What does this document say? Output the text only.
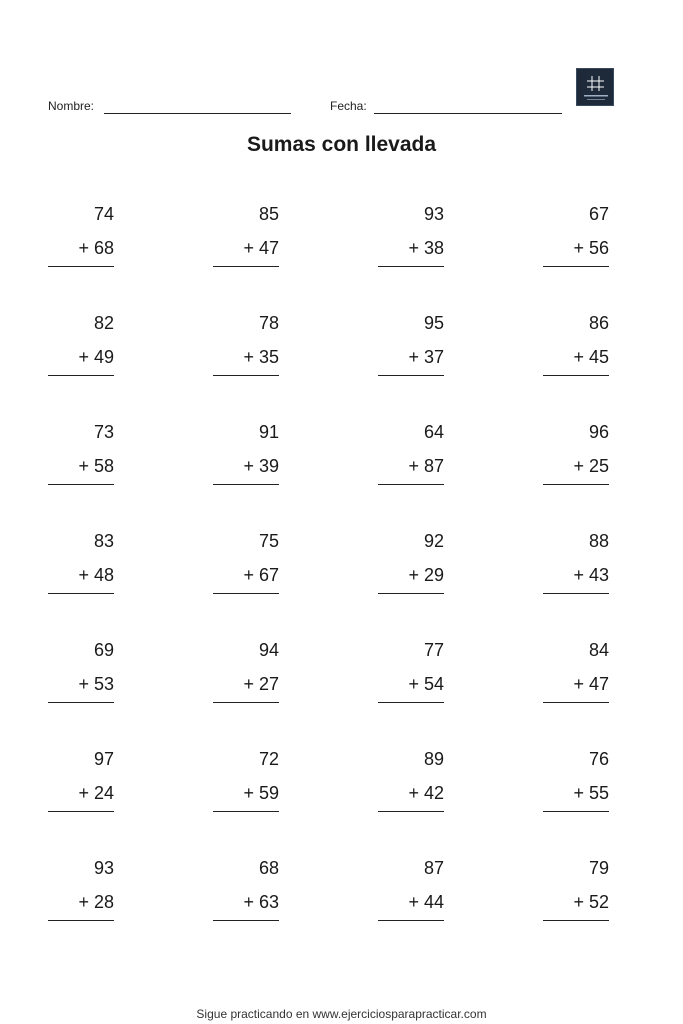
Nombre:	Fecha:
Sumas con llevada
74
+ 68
85
+ 47
93
+ 38
67
+ 56
82
+ 49
78
+ 35
95
+ 37
86
+ 45
73
+ 58
91
+ 39
64
+ 87
96
+ 25
83
+ 48
75
+ 67
92
+ 29
88
+ 43
69
+ 53
94
+ 27
77
+ 54
84
+ 47
97
+ 24
72
+ 59
89
+ 42
76
+ 55
93
+ 28
68
+ 63
87
+ 44
79
+ 52
Sigue practicando en www.ejerciciosparapracticar.com
